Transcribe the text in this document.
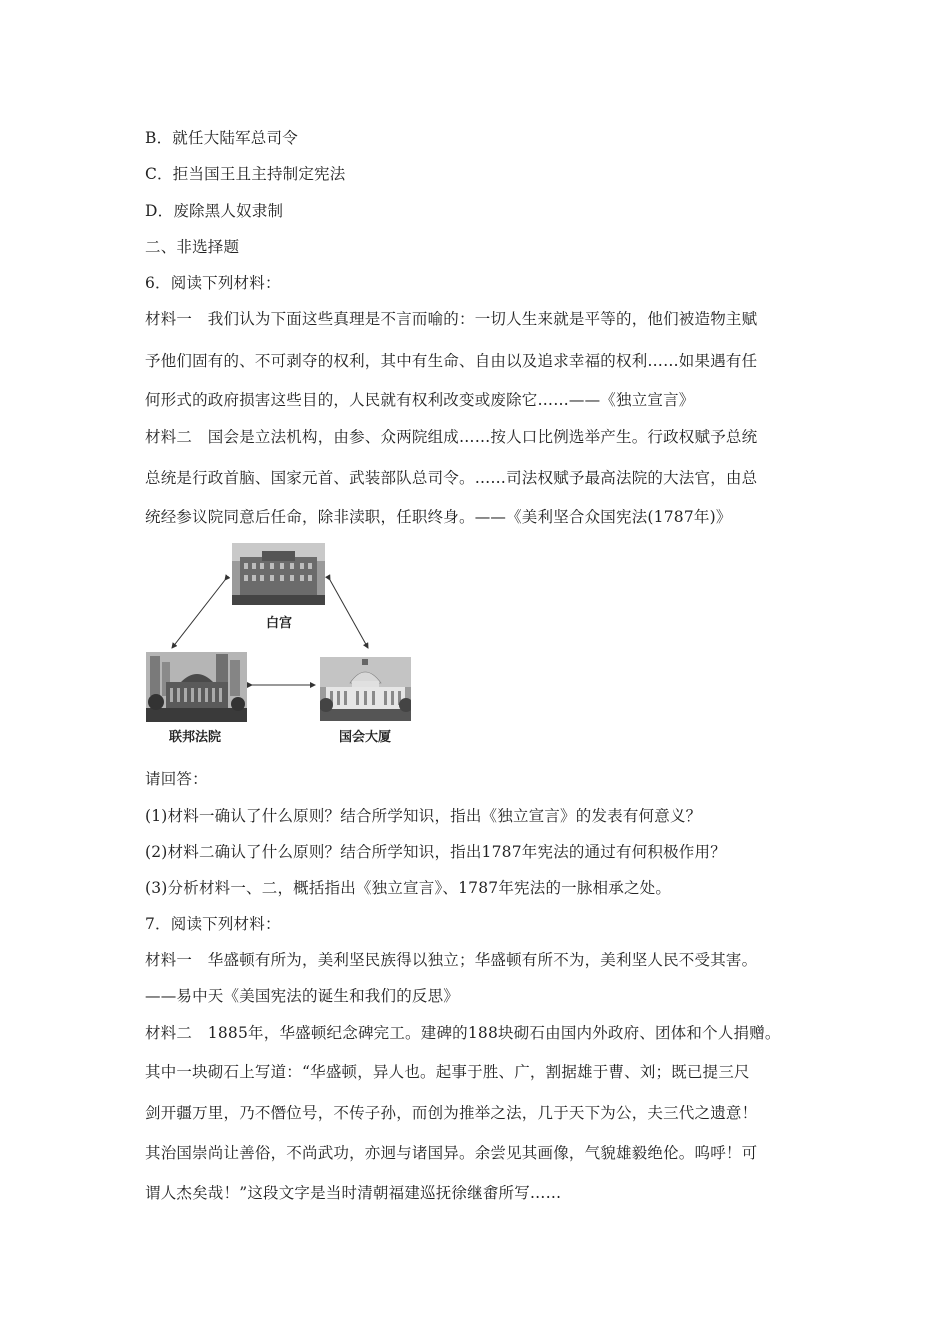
B．就任大陆军总司令
C．拒当国王且主持制定宪法
D．废除黑人奴隶制
二、非选择题
6．阅读下列材料：
材料一　我们认为下面这些真理是不言而喻的：一切人生来就是平等的，他们被造物主赋
予他们固有的、不可剥夺的权利，其中有生命、自由以及追求幸福的权利……如果遇有任
何形式的政府损害这些目的，人民就有权利改变或废除它……——《独立宣言》
材料二　国会是立法机构，由参、众两院组成……按人口比例选举产生。行政权赋予总统
总统是行政首脑、国家元首、武装部队总司令。……司法权赋予最高法院的大法官，由总
统经参议院同意后任命，除非渎职，任职终身。——《美利坚合众国宪法(1787年)》
白宫
联邦法院	国会大厦
请回答：
(1)材料一确认了什么原则？结合所学知识，指出《独立宣言》的发表有何意义？
(2)材料二确认了什么原则？结合所学知识，指出1787年宪法的通过有何积极作用？
(3)分析材料一、二，概括指出《独立宣言》、1787年宪法的一脉相承之处。
7．阅读下列材料：
材料一　华盛顿有所为，美利坚民族得以独立；华盛顿有所不为，美利坚人民不受其害。
——易中天《美国宪法的诞生和我们的反思》
材料二　1885年，华盛顿纪念碑完工。建碑的188块砌石由国内外政府、团体和个人捐赠。
其中一块砌石上写道：“华盛顿，异人也。起事于胜、广，割据雄于曹、刘；既已提三尺
剑开疆万里，乃不僭位号，不传子孙，而创为推举之法，几于天下为公，夫三代之遗意！
其治国崇尚让善俗，不尚武功，亦迥与诸国异。余尝见其画像，气貌雄毅绝伦。呜呼！可
谓人杰矣哉！”这段文字是当时清朝福建巡抚徐继畬所写……
